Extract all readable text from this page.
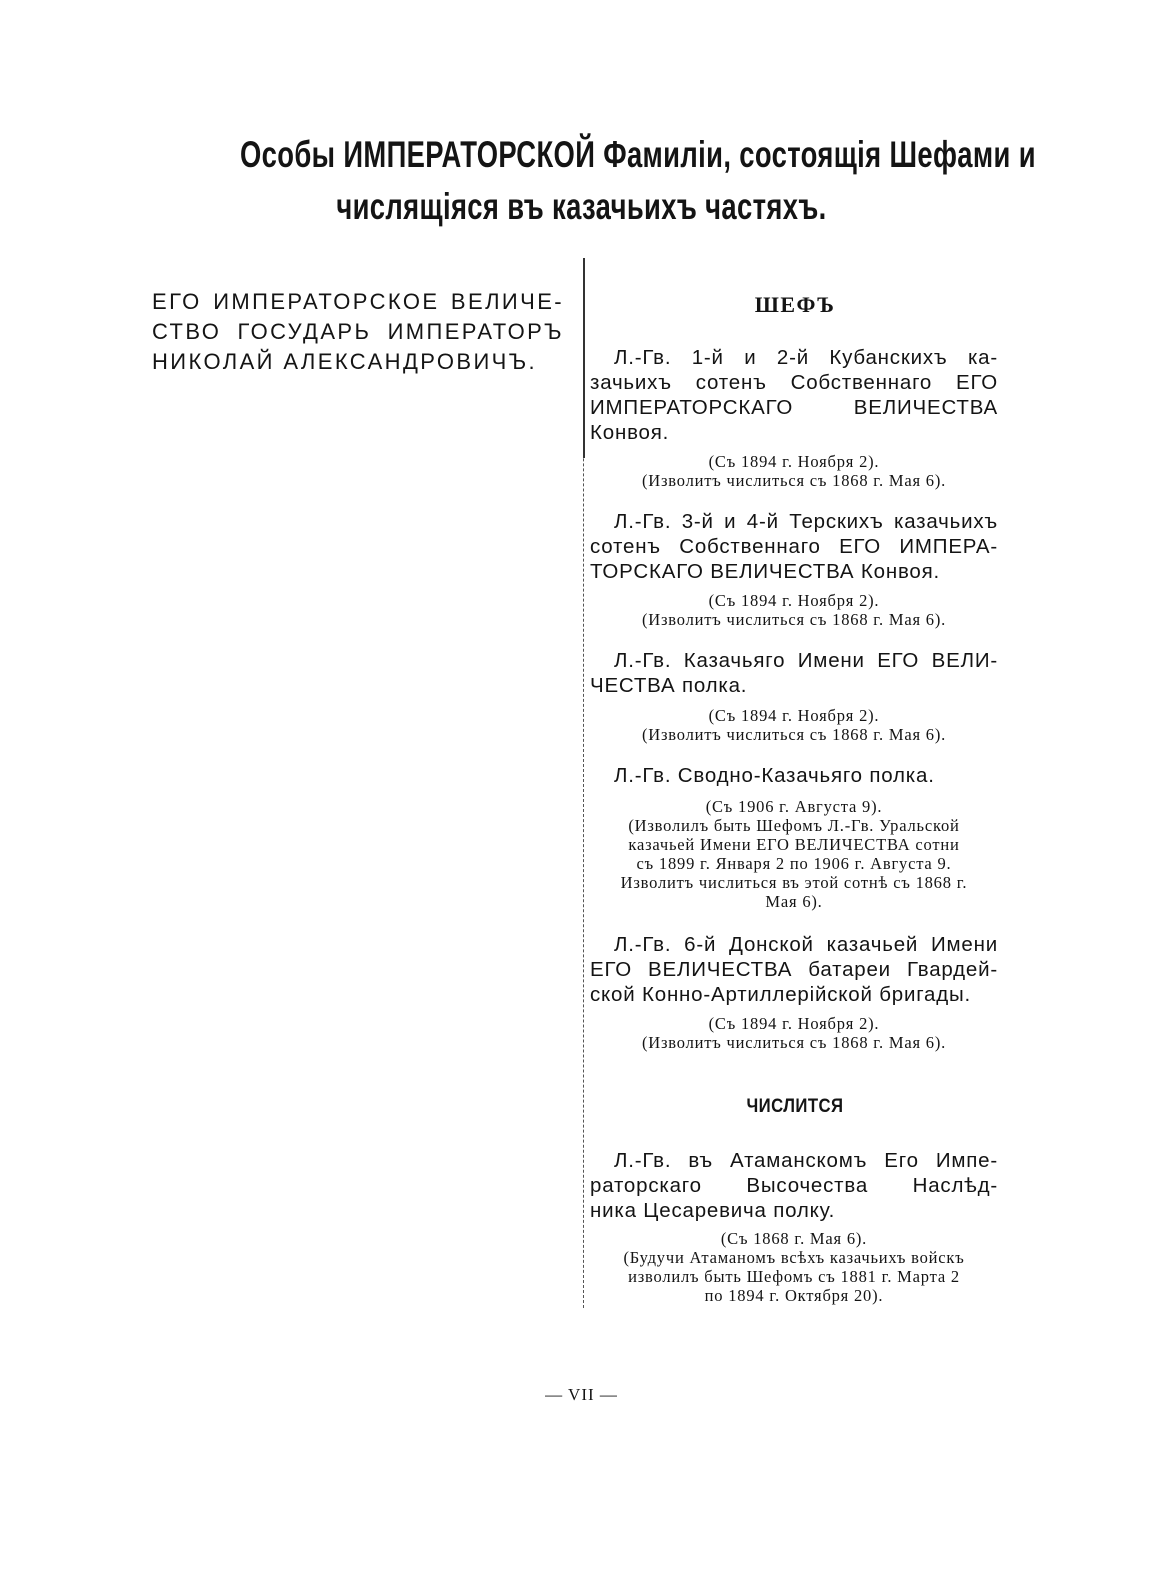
Особы ИМПЕРАТОРСКОЙ Фамилiи, состоящiя Шефами и
числящiяся въ казачьихъ частяхъ.
ЕГО ИМПЕРАТОРСКОЕ ВЕЛИЧЕ-
СТВО ГОСУДАРЬ ИМПЕРАТОРЪ
НИКОЛАЙ АЛЕКСАНДРОВИЧЪ.
ШЕФЪ
Л.-Гв. 1-й и 2-й Кубанскихъ ка-
зачьихъ сотенъ Собственнаго ЕГО
ИМПЕРАТОРСКАГО ВЕЛИЧЕСТВА
Конвоя.
(Съ 1894 г. Ноября 2).
(Изволитъ числиться съ 1868 г. Мая 6).
Л.-Гв. 3-й и 4-й Терскихъ казачьихъ
сотенъ Собственнаго ЕГО ИМПЕРА-
ТОРСКАГО ВЕЛИЧЕСТВА Конвоя.
(Съ 1894 г. Ноября 2).
(Изволитъ числиться съ 1868 г. Мая 6).
Л.-Гв. Казачьяго Имени ЕГО ВЕЛИ-
ЧЕСТВА полка.
(Съ 1894 г. Ноября 2).
(Изволитъ числиться съ 1868 г. Мая 6).
Л.-Гв. Сводно-Казачьяго полка.
(Съ 1906 г. Августа 9).
(Изволилъ быть Шефомъ Л.-Гв. Уральской
казачьей Имени ЕГО ВЕЛИЧЕСТВА сотни
съ 1899 г. Января 2 по 1906 г. Августа 9.
Изволитъ числиться въ этой сотнѣ съ 1868 г.
Мая 6).
Л.-Гв. 6-й Донской казачьей Имени
ЕГО ВЕЛИЧЕСТВА батареи Гвардей-
ской Конно-Артиллерiйской бригады.
(Съ 1894 г. Ноября 2).
(Изволитъ числиться съ 1868 г. Мая 6).
ЧИСЛИТСЯ
Л.-Гв. въ Атаманскомъ Его Импе-
раторскаго Высочества Наслѣд-
ника Цесаревича полку.
(Съ 1868 г. Мая 6).
(Будучи Атаманомъ всѣхъ казачьихъ войскъ
изволилъ быть Шефомъ съ 1881 г. Марта 2
по 1894 г. Октября 20).
— VII —
